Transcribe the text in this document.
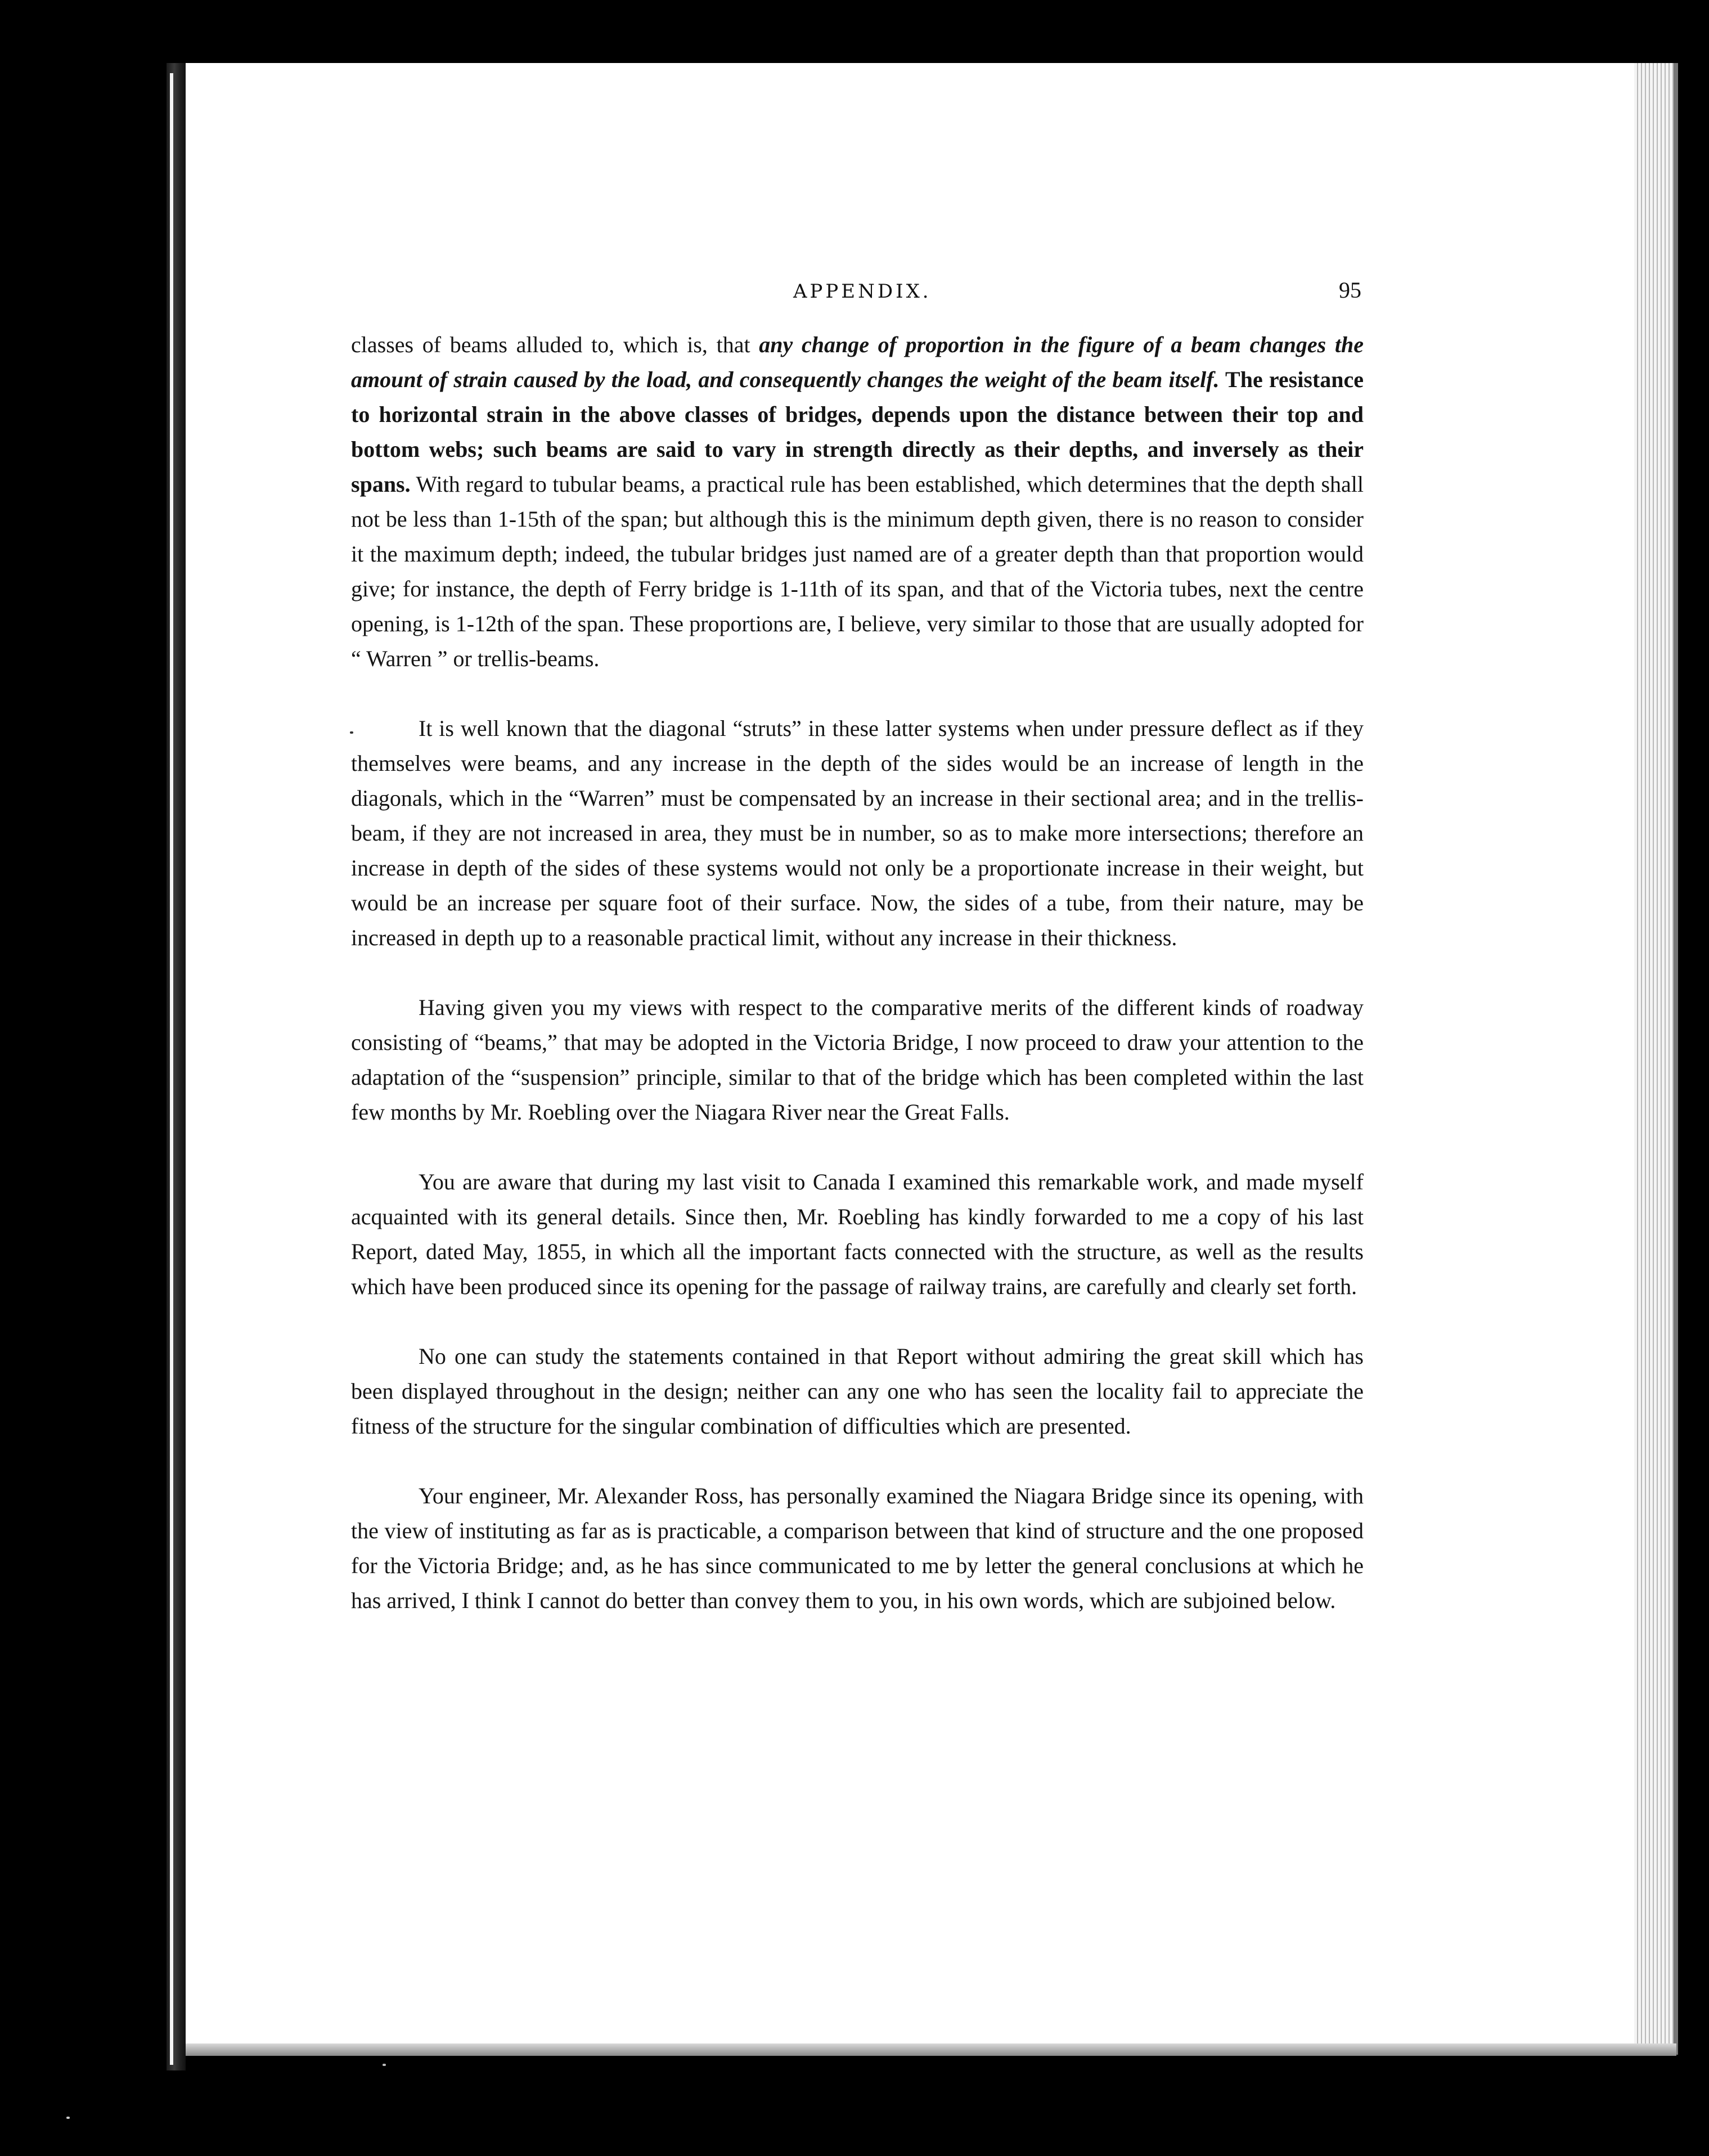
APPENDIX.	95

classes of beams alluded to, which is, that any change of proportion in the figure of a beam changes the amount of strain caused by the load, and consequently changes the weight of the beam itself. The resistance to horizontal strain in the above classes of bridges, depends upon the distance between their top and bottom webs; such beams are said to vary in strength directly as their depths, and inversely as their spans. With regard to tubular beams, a practical rule has been established, which determines that the depth shall not be less than 1-15th of the span; but although this is the minimum depth given, there is no reason to consider it the maximum depth; indeed, the tubular bridges just named are of a greater depth than that proportion would give; for instance, the depth of Ferry bridge is 1-11th of its span, and that of the Victoria tubes, next the centre opening, is 1-12th of the span. These proportions are, I believe, very similar to those that are usually adopted for “ Warren ” or trellis-beams.

It is well known that the diagonal “struts” in these latter systems when under pressure deflect as if they themselves were beams, and any increase in the depth of the sides would be an increase of length in the diagonals, which in the “Warren” must be compensated by an increase in their sectional area; and in the trellis-beam, if they are not increased in area, they must be in number, so as to make more intersections; therefore an increase in depth of the sides of these systems would not only be a proportionate increase in their weight, but would be an increase per square foot of their surface. Now, the sides of a tube, from their nature, may be increased in depth up to a reasonable practical limit, without any increase in their thickness.

Having given you my views with respect to the comparative merits of the different kinds of roadway consisting of “beams,” that may be adopted in the Victoria Bridge, I now proceed to draw your attention to the adaptation of the “suspension” principle, similar to that of the bridge which has been completed within the last few months by Mr. Roebling over the Niagara River near the Great Falls.

You are aware that during my last visit to Canada I examined this remarkable work, and made myself acquainted with its general details. Since then, Mr. Roebling has kindly forwarded to me a copy of his last Report, dated May, 1855, in which all the important facts connected with the structure, as well as the results which have been produced since its opening for the passage of railway trains, are carefully and clearly set forth.

No one can study the statements contained in that Report without admiring the great skill which has been displayed throughout in the design; neither can any one who has seen the locality fail to appreciate the fitness of the structure for the singular combination of difficulties which are presented.

Your engineer, Mr. Alexander Ross, has personally examined the Niagara Bridge since its opening, with the view of instituting as far as is practicable, a comparison between that kind of structure and the one proposed for the Victoria Bridge; and, as he has since communicated to me by letter the general conclusions at which he has arrived, I think I cannot do better than convey them to you, in his own words, which are subjoined below.
